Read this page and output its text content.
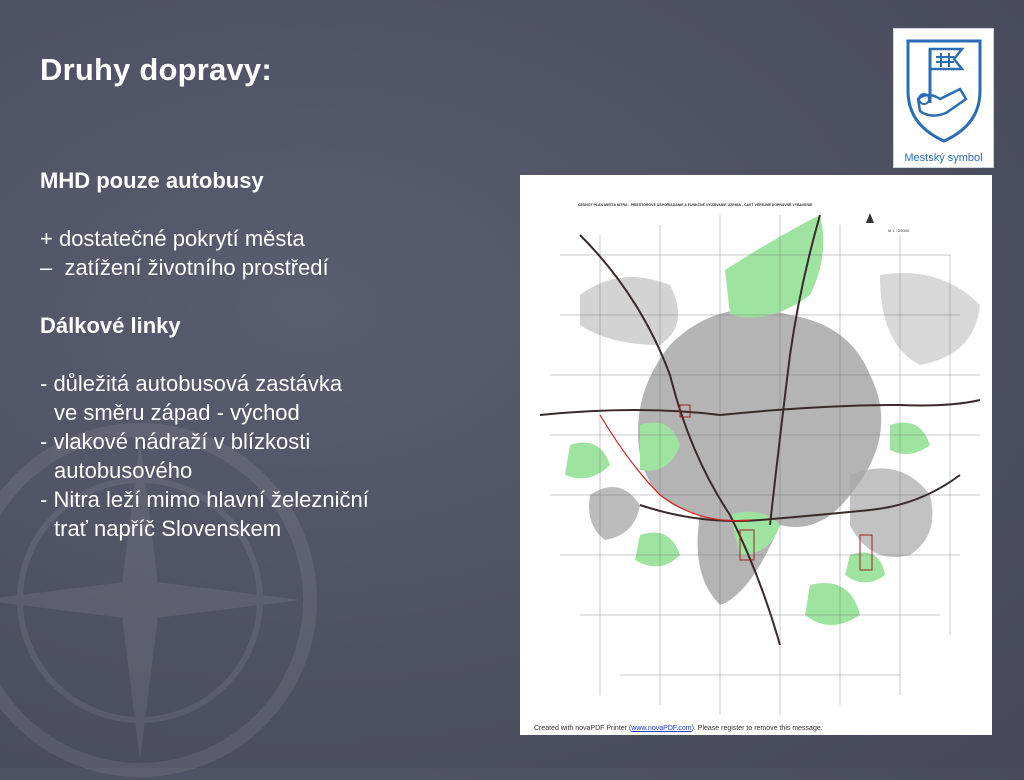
Druhy dopravy:
MHD pouze autobusy
+ dostatečné pokrytí města
–  zatížení životního prostředí
Dálkové linky
- důležitá autobusová zastávka
ve směru západ - východ
- vlakové nádraží v blízkosti
autobusového
- Nitra leží mimo hlavní železniční
trať napříč Slovenskem
Mestský symbol
CESNOT PLÁN MESTA NITRA - PRIESTOROVÉ USPORIADANIE A FUNKČNÉ VYUŽÍVANIE ÚZEMIA - ČASŤ VEREJNÉ DOPRAVNÉ VYBAVENIE
M 1 : 25000
Created with novaPDF Printer (www.novaPDF.com). Please register to remove this message.
